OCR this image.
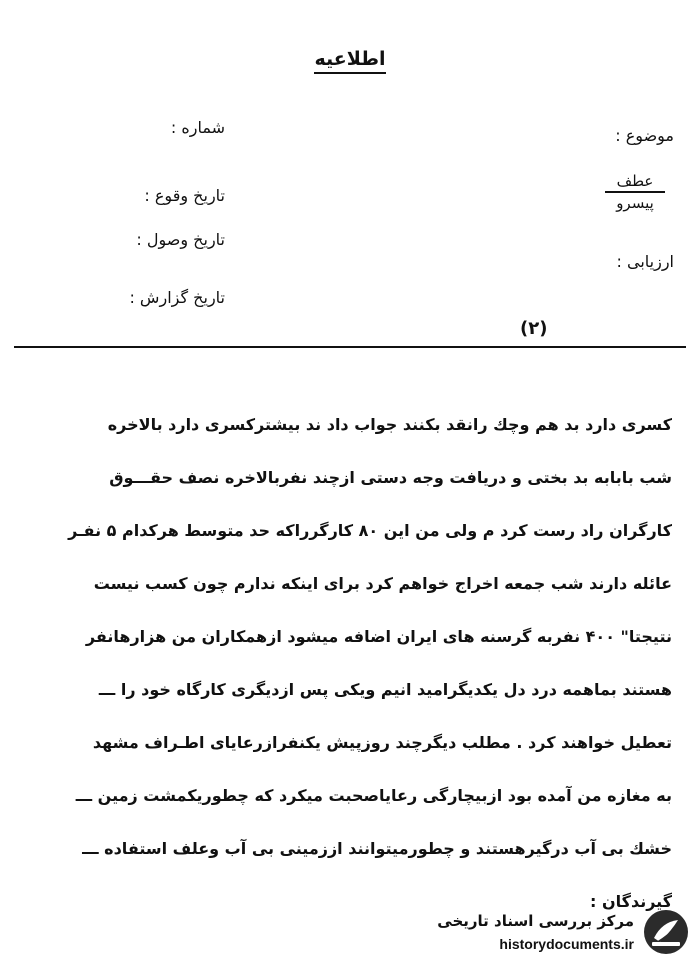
اطلاعیه
موضوع :
شماره :
تاریخ وقوع :
تاریخ وصول :
تاریخ گزارش :
ارزیابی :
عطف
پیسرو
(۲)
کسری دارد بد هم وچك رانقد بکنند جواب داد ند بیشترکسری دارد بالاخره
شب بابابه بد بختی و دریافت وجه دستی ازچند نفربالاخره نصف حقـــوق
کارگران راد رست کرد م ولی من این ۸۰ کارگرراکه حد متوسط هرکدام ۵ نفـر
عائله دارند شب جمعه اخراج خواهم کرد برای اینکه ندارم چون کسب نیست
نتیجتا" ۴۰۰ نفربه گرسنه های ایران اضافه میشود ازهمکاران من هزارهانفر
هستند بماهمه درد دل یکدیگرامید انیم ویکی پس ازدیگری کارگاه خود را ـــ
تعطیل خواهند کرد . مطلب دیگرچند روزپیش یکنفرازرعایای اطـراف مشهد
به مغازه من آمده بود ازبیچارگی رعایاصحبت میکرد که چطوریکمشت زمین ـــ
خشك بی آب درگیرهستند و چطورمیتوانند اززمینی بی آب وعلف استفاده ـــ
گیرندگان :
مرکز بررسی اسناد تاریخی
historydocuments.ir
